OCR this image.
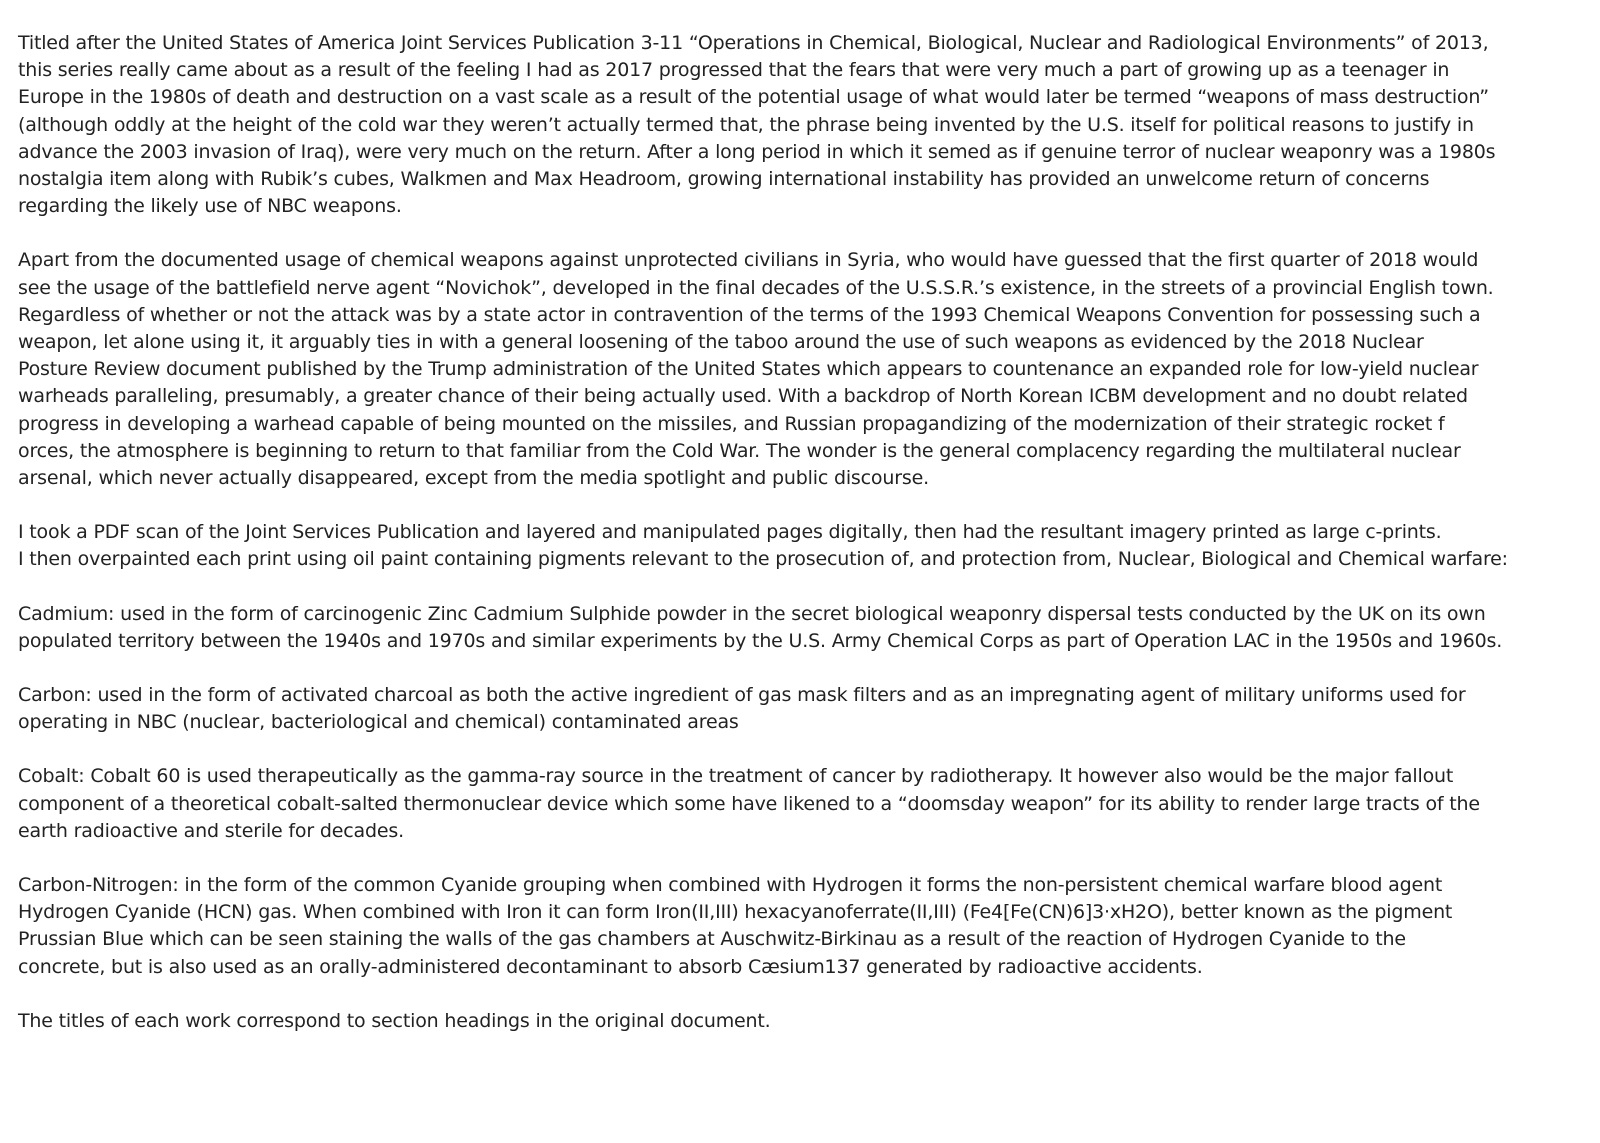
Titled after the United States of America Joint Services Publication 3-11 “Operations in Chemical, Biological, Nuclear and Radiological Environments” of 2013,
this series really came about as a result of the feeling I had as 2017 progressed that the fears that were very much a part of growing up as a teenager in
Europe in the 1980s of death and destruction on a vast scale as a result of the potential usage of what would later be termed “weapons of mass destruction”
(although oddly at the height of the cold war they weren’t actually termed that, the phrase being invented by the U.S. itself for political reasons to justify in
advance the 2003 invasion of Iraq), were very much on the return. After a long period in which it semed as if genuine terror of nuclear weaponry was a 1980s
nostalgia item along with Rubik’s cubes, Walkmen and Max Headroom, growing international instability has provided an unwelcome return of concerns
regarding the likely use of NBC weapons.

Apart from the documented usage of chemical weapons against unprotected civilians in Syria, who would have guessed that the first quarter of 2018 would
see the usage of the battlefield nerve agent “Novichok”, developed in the final decades of the U.S.S.R.’s existence, in the streets of a provincial English town.
Regardless of whether or not the attack was by a state actor in contravention of the terms of the 1993 Chemical Weapons Convention for possessing such a
weapon, let alone using it, it arguably ties in with a general loosening of the taboo around the use of such weapons as evidenced by the 2018 Nuclear
Posture Review document published by the Trump administration of the United States which appears to countenance an expanded role for low-yield nuclear
warheads paralleling, presumably, a greater chance of their being actually used. With a backdrop of North Korean ICBM development and no doubt related
progress in developing a warhead capable of being mounted on the missiles, and Russian propagandizing of the modernization of their strategic rocket f
orces, the atmosphere is beginning to return to that familiar from the Cold War. The wonder is the general complacency regarding the multilateral nuclear
arsenal, which never actually disappeared, except from the media spotlight and public discourse.

I took a PDF scan of the Joint Services Publication and layered and manipulated pages digitally, then had the resultant imagery printed as large c-prints.
I then overpainted each print using oil paint containing pigments relevant to the prosecution of, and protection from, Nuclear, Biological and Chemical warfare:

Cadmium: used in the form of carcinogenic Zinc Cadmium Sulphide powder in the secret biological weaponry dispersal tests conducted by the UK on its own
populated territory between the 1940s and 1970s and similar experiments by the U.S. Army Chemical Corps as part of Operation LAC in the 1950s and 1960s.

Carbon: used in the form of activated charcoal as both the active ingredient of gas mask filters and as an impregnating agent of military uniforms used for
operating in NBC (nuclear, bacteriological and chemical) contaminated areas

Cobalt: Cobalt 60 is used therapeutically as the gamma-ray source in the treatment of cancer by radiotherapy. It however also would be the major fallout
component of a theoretical cobalt-salted thermonuclear device which some have likened to a “doomsday weapon” for its ability to render large tracts of the
earth radioactive and sterile for decades.

Carbon-Nitrogen: in the form of the common Cyanide grouping when combined with Hydrogen it forms the non-persistent chemical warfare blood agent
Hydrogen Cyanide (HCN) gas. When combined with Iron it can form Iron(II,III) hexacyanoferrate(II,III) (Fe4[Fe(CN)6]3·xH2O), better known as the pigment
Prussian Blue which can be seen staining the walls of the gas chambers at Auschwitz-Birkinau as a result of the reaction of Hydrogen Cyanide to the
concrete, but is also used as an orally-administered decontaminant to absorb Cæsium137 generated by radioactive accidents.

The titles of each work correspond to section headings in the original document.
